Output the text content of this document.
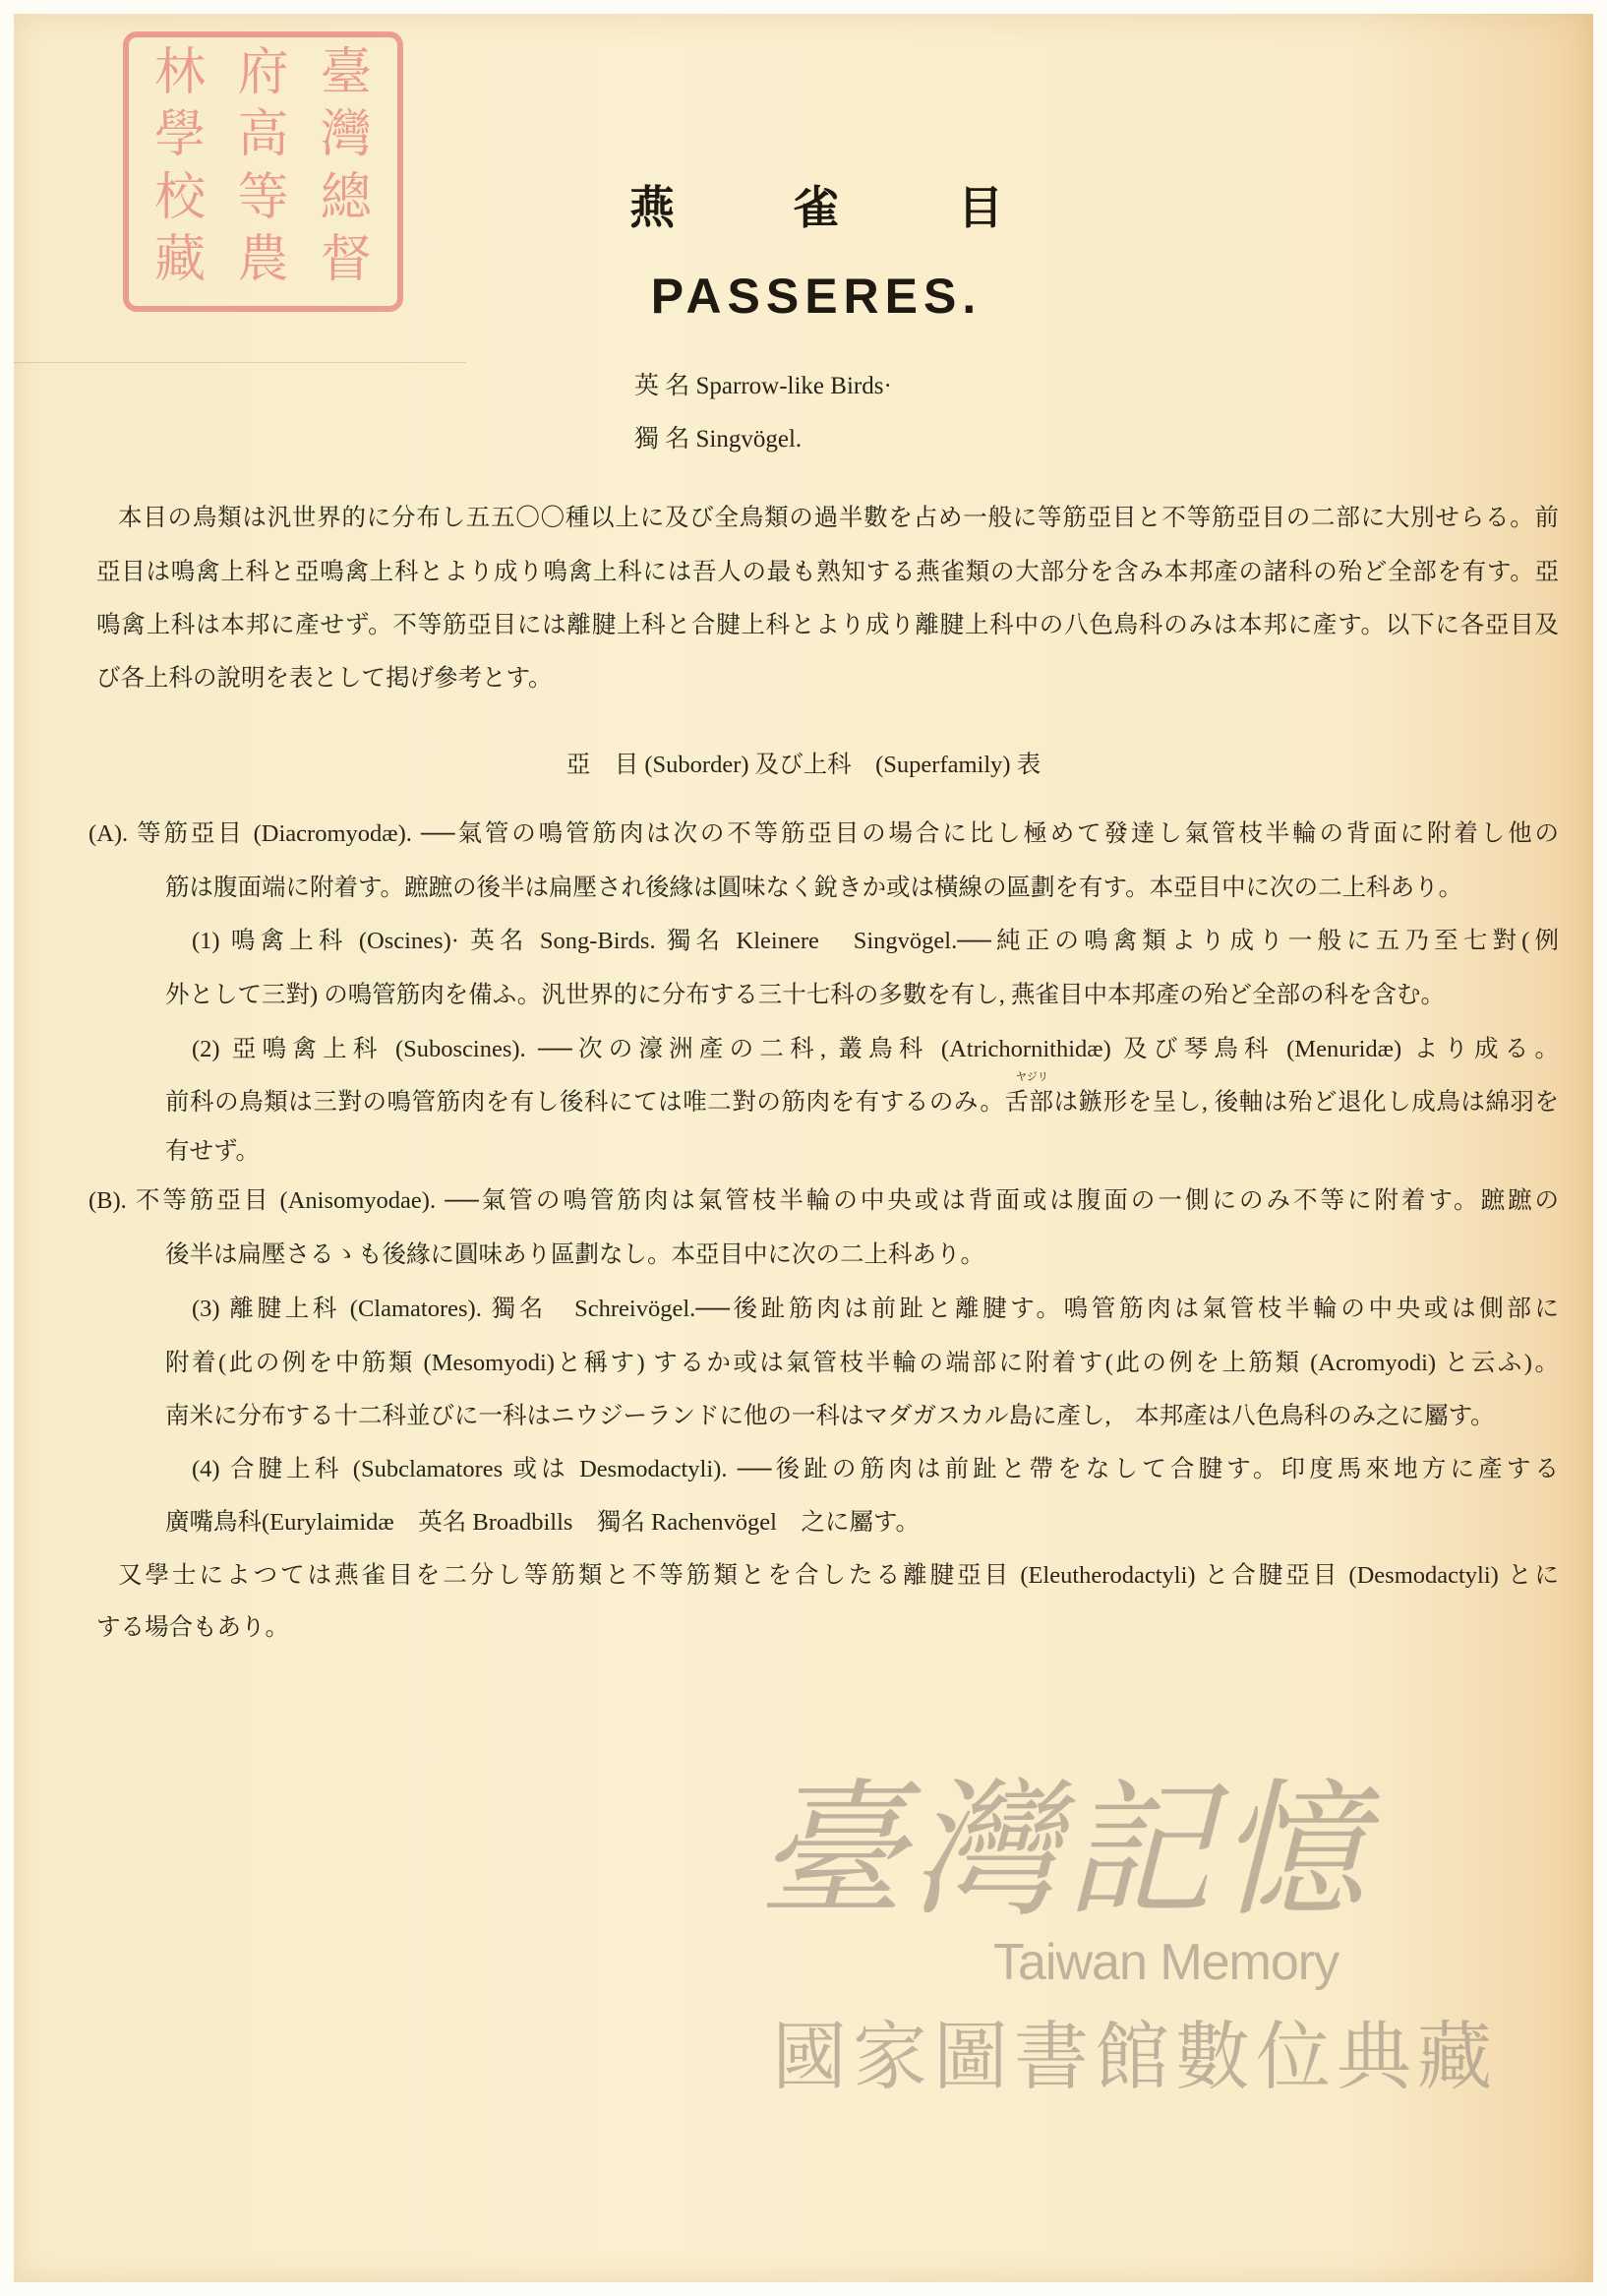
臺
灣
總
督
府
高
等
農
林
學
校
藏
燕	雀	目
PASSERES.
英 名 Sparrow-like Birds·
獨 名 Singvögel.
本目の鳥類は汎世界的に分布し五五〇〇種以上に及び全鳥類の過半數を占め一般に等筋亞目と不等筋亞目の二部に大別せらる。前
亞目は鳴禽上科と亞鳴禽上科とより成り鳴禽上科には吾人の最も熟知する燕雀類の大部分を含み本邦產の諸科の殆ど全部を有す。亞
鳴禽上科は本邦に產せず。不等筋亞目には離腱上科と合腱上科とより成り離腱上科中の八色鳥科のみは本邦に產す。以下に各亞目及
び各上科の說明を表として掲げ參考とす。
亞　目 (Suborder) 及び上科　(Superfamily) 表
(A). 等筋亞目 (Diacromyodæ). ──氣管の鳴管筋肉は次の不等筋亞目の場合に比し極めて發達し氣管枝半輪の背面に附着し他の
筋は腹面端に附着す。蹠蹠の後半は扁壓され後緣は圓味なく銳きか或は橫線の區劃を有す。本亞目中に次の二上科あり。
(1) 鳴禽上科 (Oscines)· 英名 Song-Birds. 獨名 Kleinere　Singvögel.──純正の鳴禽類より成り一般に五乃至七對(例
外として三對) の鳴管筋肉を備ふ。汎世界的に分布する三十七科の多數を有し, 燕雀目中本邦產の殆ど全部の科を含む。
(2) 亞鳴禽上科 (Suboscines). ──次の濠洲產の二科, 叢鳥科 (Atrichornithidæ) 及び琴鳥科 (Menuridæ) より成る。
ヤジリ
前科の鳥類は三對の鳴管筋肉を有し後科にては唯二對の筋肉を有するのみ。舌部は鏃形を呈し, 後軸は殆ど退化し成鳥は綿羽を
有せず。
(B). 不等筋亞目 (Anisomyodae). ──氣管の鳴管筋肉は氣管枝半輪の中央或は背面或は腹面の一側にのみ不等に附着す。蹠蹠の
後半は扁壓さるゝも後緣に圓味あり區劃なし。本亞目中に次の二上科あり。
(3) 離腱上科 (Clamatores). 獨名　Schreivögel.──後趾筋肉は前趾と離腱す。鳴管筋肉は氣管枝半輪の中央或は側部に
附着(此の例を中筋類 (Mesomyodi)と稱す) するか或は氣管枝半輪の端部に附着す(此の例を上筋類 (Acromyodi) と云ふ)。
南米に分布する十二科並びに一科はニウジーランドに他の一科はマダガスカル島に產し,　本邦產は八色鳥科のみ之に屬す。
(4) 合腱上科 (Subclamatores 或は Desmodactyli). ──後趾の筋肉は前趾と帶をなして合腱す。印度馬來地方に產する
廣嘴鳥科(Eurylaimidæ　英名 Broadbills　獨名 Rachenvögel　之に屬す。
又學士によつては燕雀目を二分し等筋類と不等筋類とを合したる離腱亞目 (Eleutherodactyli) と合腱亞目 (Desmodactyli) とに
する場合もあり。
臺灣記憶
Taiwan Memory
國家圖書館數位典藏
